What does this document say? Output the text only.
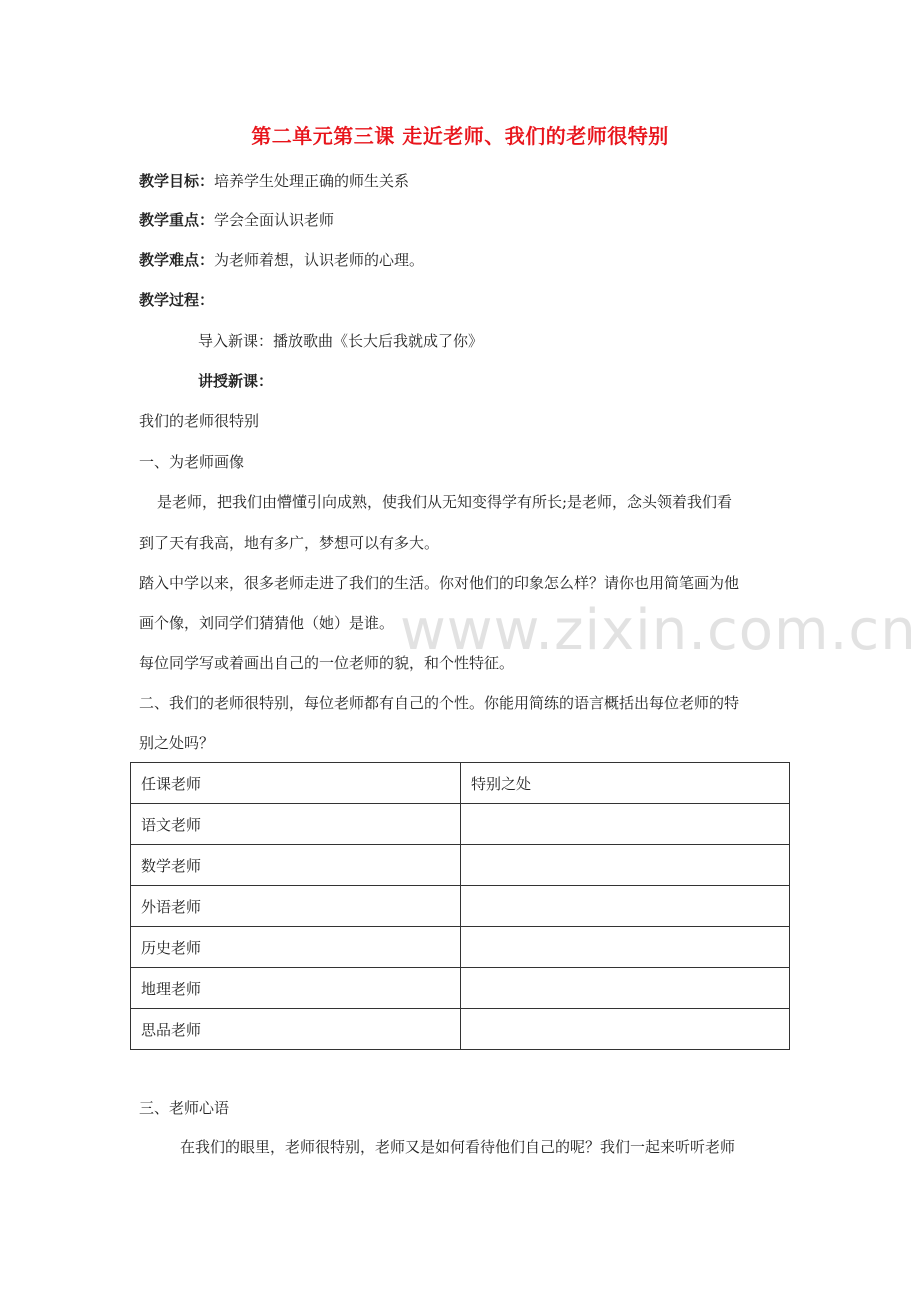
第二单元第三课 走近老师、我们的老师很特别
教学目标：培养学生处理正确的师生关系
教学重点：学会全面认识老师
教学难点：为老师着想，认识老师的心理。
教学过程：
导入新课：播放歌曲《长大后我就成了你》
讲授新课：
我们的老师很特别
一、为老师画像
是老师，把我们由懵懂引向成熟，使我们从无知变得学有所长;是老师，念头领着我们看
到了天有我高，地有多广，梦想可以有多大。
踏入中学以来，很多老师走进了我们的生活。你对他们的印象怎么样？请你也用简笔画为他
画个像，刘同学们猜猜他（她）是谁。
每位同学写或着画出自己的一位老师的貌，和个性特征。
二、我们的老师很特别，每位老师都有自己的个性。你能用简练的语言概括出每位老师的特
别之处吗？
任课老师	特别之处
语文老师	
数学老师	
外语老师	
历史老师	
地理老师	
思品老师	
三、老师心语
在我们的眼里，老师很特别，老师又是如何看待他们自己的呢？我们一起来听听老师
www.zixin.com.cn
